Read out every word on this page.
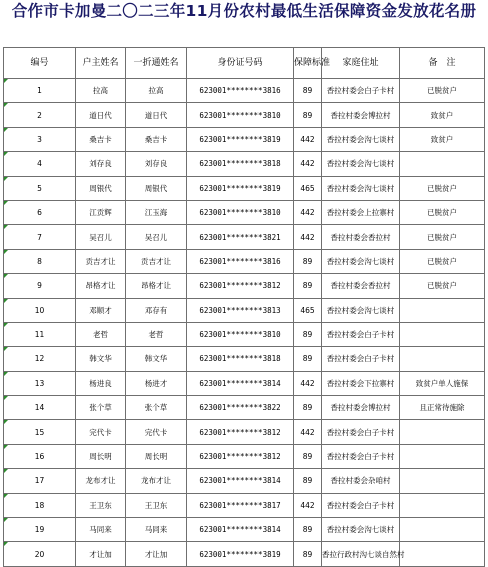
合作市卡加曼二〇二三年11月份农村最低生活保障资金发放花名册
编号	户主姓名	一折通姓名	身份证号码	保障标准	家庭住址	备　注

1	拉高	拉高	623001********3816	89	香拉村委会白子卡村	已脱贫户

2	道日代	道日代	623001********3810	89	香拉村委会博拉村	致贫户

3	桑吉卡	桑吉卡	623001********3819	442	香拉村委会沟七谈村	致贫户

4	刘存良	刘存良	623001********3818	442	香拉村委会沟七谈村	

5	周银代	周银代	623001********3819	465	香拉村委会沟七谈村	已脱贫户

6	江贡辉	江玉海	623001********3810	442	香拉村委会上拉寨村	已脱贫户

7	吴召儿	吴召儿	623001********3821	442	香拉村委会香拉村	已脱贫户

8	贡吉才让	贡吉才让	623001********3816	89	香拉村委会沟七谈村	已脱贫户

9	昂格才让	昂格才让	623001********3812	89	香拉村委会香拉村	已脱贫户

10	邓顺才	邓存有	623001********3813	465	香拉村委会沟七谈村	

11	老哲	老哲	623001********3810	89	香拉村委会白子卡村	

12	韩文华	韩文华	623001********3818	89	香拉村委会白子卡村	

13	杨进良	杨进才	623001********3814	442	香拉村委会下拉寨村	致贫户单人施保

14	张个草	张个草	623001********3822	89	香拉村委会博拉村	且正常待施除

15	完代卡	完代卡	623001********3812	442	香拉村委会白子卡村	

16	周长明	周长明	623001********3812	89	香拉村委会白子卡村	

17	龙布才让	龙布才让	623001********3814	89	香拉村委会杂咱村	

18	王卫东	王卫东	623001********3817	442	香拉村委会白子卡村	

19	马同来	马同来	623001********3814	89	香拉村委会沟七谈村	

20	才让加	才让加	623001********3819	89	香拉行政村沟七谈自然村	
